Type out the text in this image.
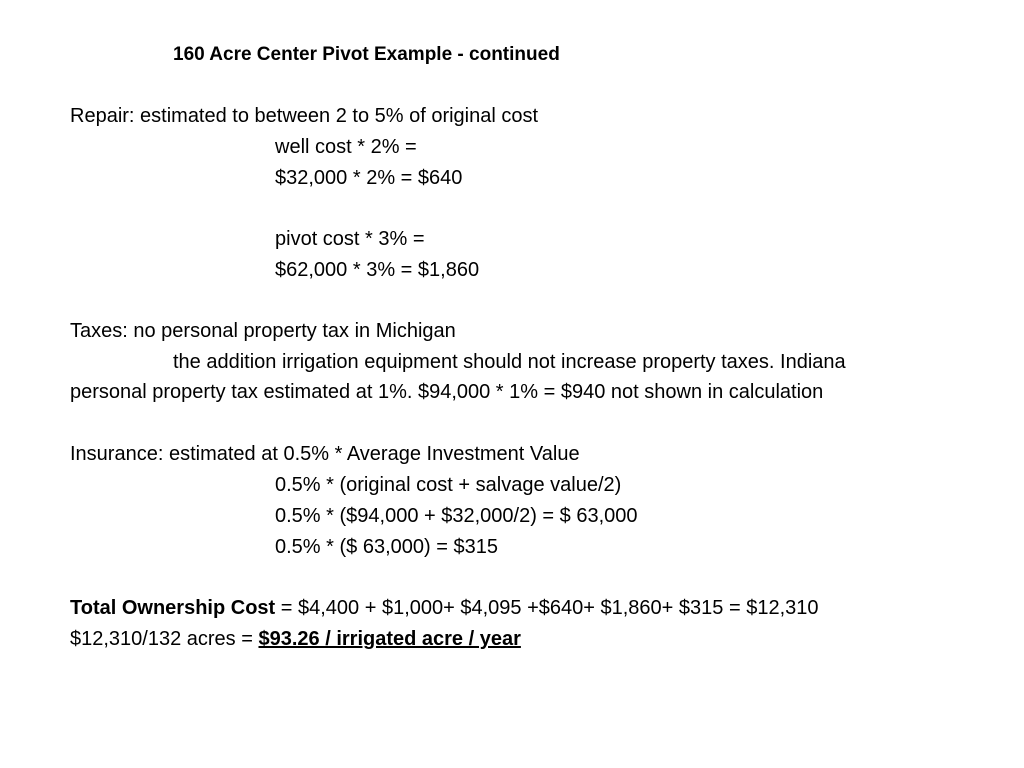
160 Acre Center Pivot Example - continued
Repair: estimated to between 2 to 5% of original cost
well cost * 2% =
$32,000 * 2% = $640
pivot cost * 3% =
$62,000 * 3% = $1,860
Taxes: no personal property tax in Michigan
the addition irrigation equipment should not increase property taxes. Indiana
personal property tax estimated at 1%. $94,000 * 1% = $940 not shown in calculation
Insurance: estimated at 0.5% * Average Investment Value
0.5% * (original cost + salvage value/2)
0.5% * ($94,000 + $32,000/2) = $ 63,000
0.5% * ($ 63,000) = $315
Total Ownership Cost = $4,400 + $1,000+ $4,095 +$640+ $1,860+ $315 = $12,310
$12,310/132 acres = $93.26 / irrigated acre / year
